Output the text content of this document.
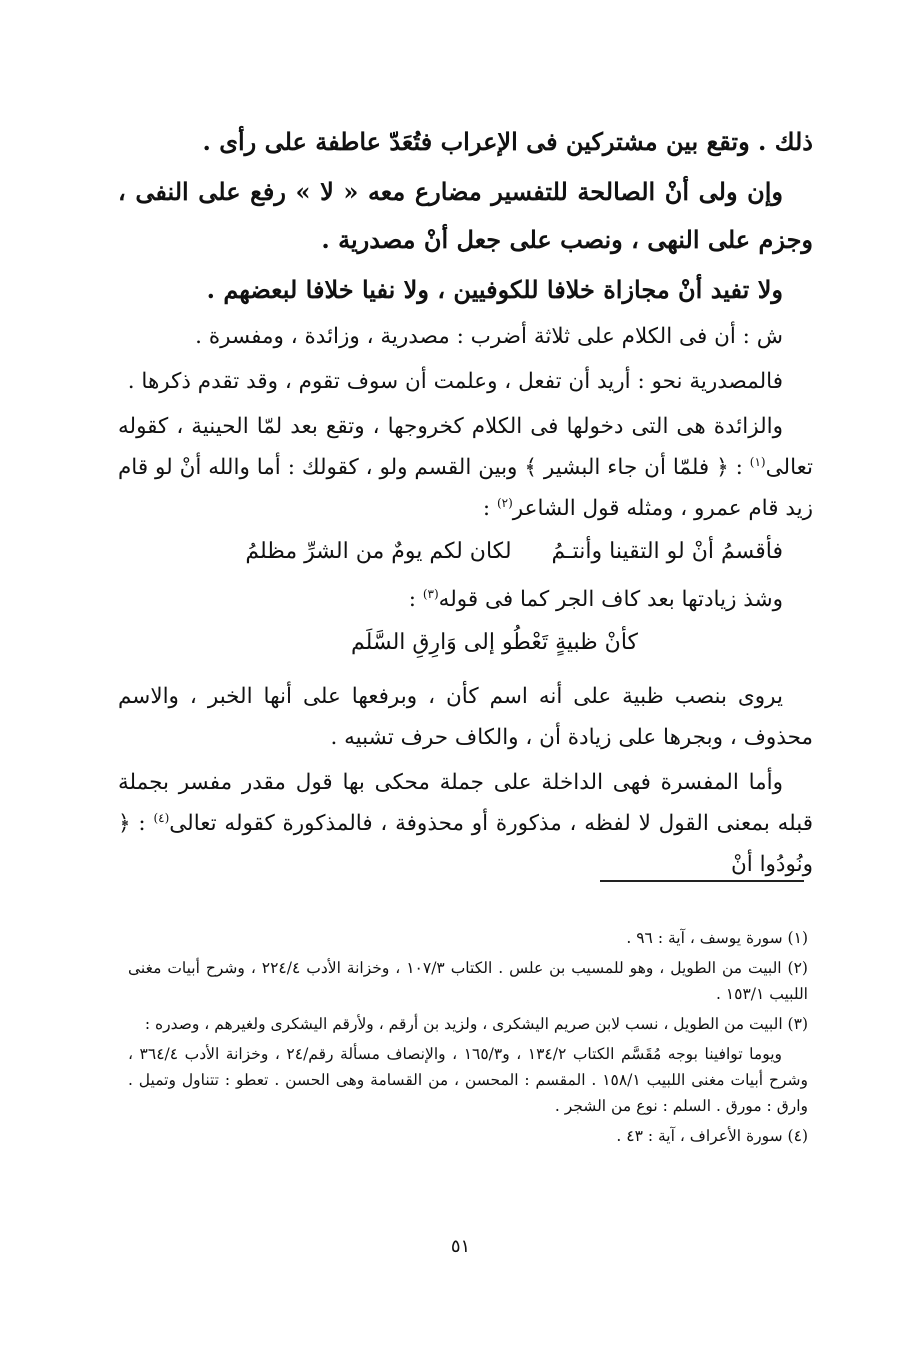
ذلك . وتقع بين مشتركين فى الإعراب فتُعَدّ عاطفة على رأى .

وإن ولى أنْ الصالحة للتفسير مضارع معه « لا » رفع على النفى ، وجزم على النهى ، ونصب على جعل أنْ مصدرية .

ولا تفيد أنْ مجازاة خلافا للكوفيين ، ولا نفيا خلافا لبعضهم .

ش : أن فى الكلام على ثلاثة أضرب : مصدرية ، وزائدة ، ومفسرة .

فالمصدرية نحو : أريد أن تفعل ، وعلمت أن سوف تقوم ، وقد تقدم ذكرها .

والزائدة هى التى دخولها فى الكلام كخروجها ، وتقع بعد لمّا الحينية ، كقوله تعالى$^{(١)}$ : ﴿ فلمّا أن جاء البشير ﴾ وبين القسم ولو ، كقولك : أما والله أنْ لو قام زيد قام عمرو ، ومثله قول الشاعر$^{(٢)}$ :

فأقسمُ أنْ لو التقينا وأنتـمُ
لكان لكم يومٌ من الشرِّ مظلمُ

وشذ زيادتها بعد كاف الجر كما فى قوله$^{(٣)}$ :

كأنْ ظبيةٍ تَعْطُو إلى وَارِقِ السَّلَم

يروى بنصب ظبية على أنه اسم كأن ، وبرفعها على أنها الخبر ، والاسم محذوف ، وبجرها على زيادة أن ، والكاف حرف تشبيه .

وأما المفسرة فهى الداخلة على جملة محكى بها قول مقدر مفسر بجملة قبله بمعنى القول لا لفظه ، مذكورة أو محذوفة ، فالمذكورة كقوله تعالى$^{(٤)}$ : ﴿ ونُودُوا أنْ

(١) سورة يوسف ، آية : ٩٦ .

(٢) البيت من الطويل ، وهو للمسيب بن علس . الكتاب ١٠٧/٣ ، وخزانة الأدب ٢٢٤/٤ ، وشرح أبيات مغنى اللبيب ١٥٣/١ .

(٣) البيت من الطويل ، نسب لابن صريم اليشكرى ، ولزيد بن أرقم ، ولأرقم اليشكرى ولغيرهم ، وصدره :

ويوما توافينا بوجه مُقَسَّم الكتاب ١٣٤/٢ ، و١٦٥/٣ ، والإنصاف مسألة رقم/٢٤ ، وخزانة الأدب ٣٦٤/٤ ، وشرح أبيات مغنى اللبيب ١٥٨/١ . المقسم : المحسن ، من القسامة وهى الحسن . تعطو : تتناول وتميل . وارق : مورق . السلم : نوع من الشجر .

(٤) سورة الأعراف ، آية : ٤٣ .

٥١
